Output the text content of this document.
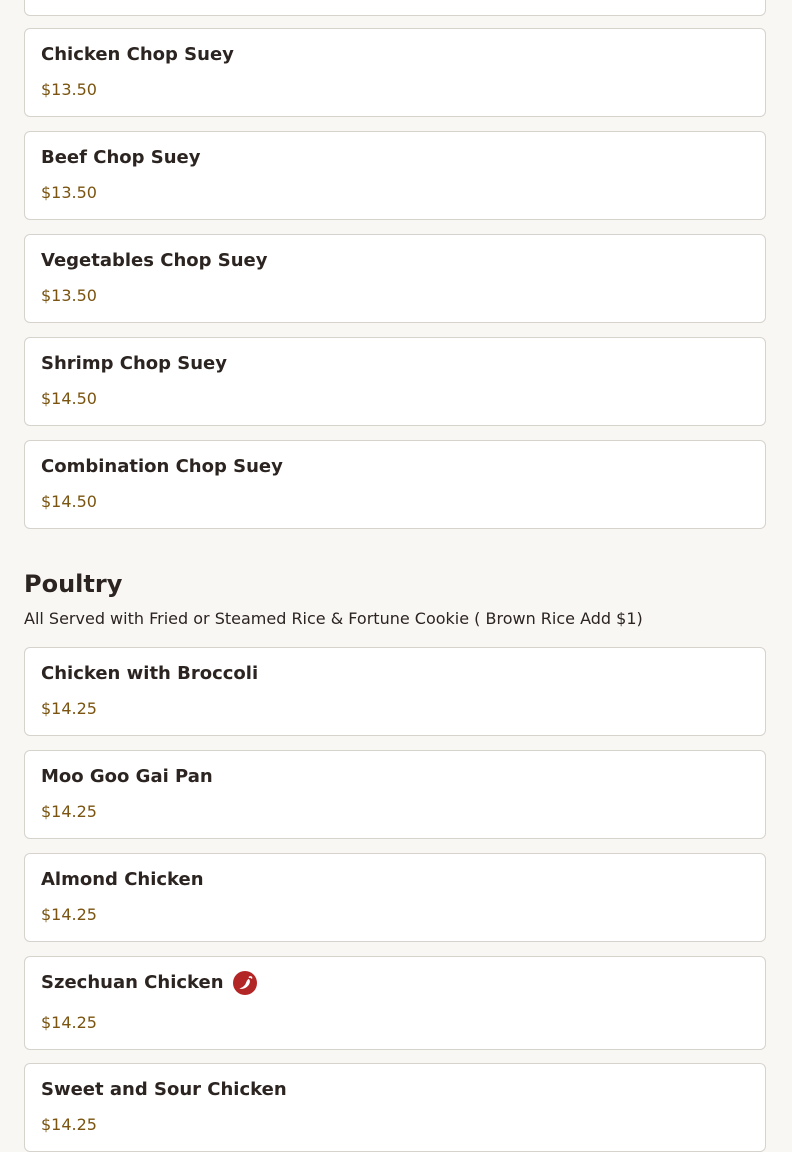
Chicken Chop Suey
$13.50
Beef Chop Suey
$13.50
Vegetables Chop Suey
$13.50
Shrimp Chop Suey
$14.50
Combination Chop Suey
$14.50
Poultry
All Served with Fried or Steamed Rice & Fortune Cookie ( Brown Rice Add $1)
Chicken with Broccoli
$14.25
Moo Goo Gai Pan
$14.25
Almond Chicken
$14.25
Szechuan Chicken
$14.25
Sweet and Sour Chicken
$14.25
